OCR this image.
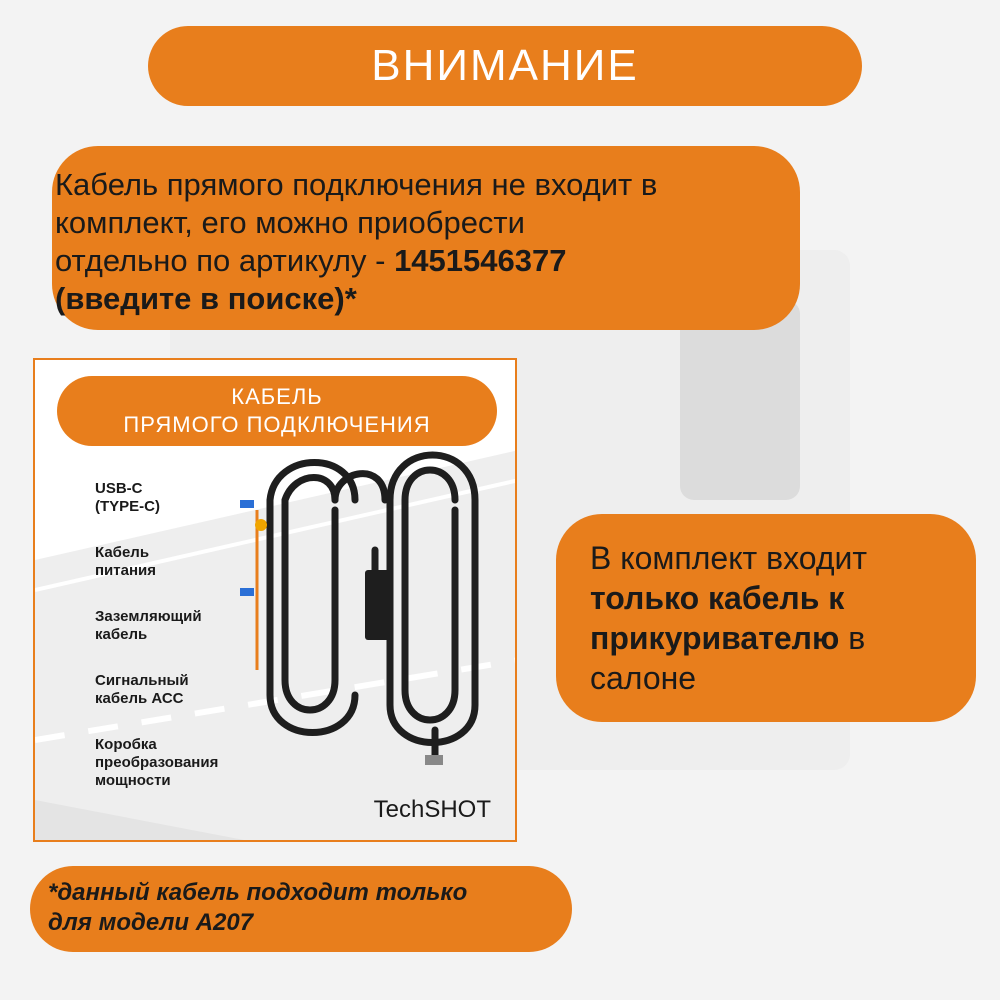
ВНИМАНИЕ
Кабель прямого подключения не входит в
комплект, его можно приобрести
отдельно по артикулу - 1451546377
(введите в поиске)*
КАБЕЛЬ
ПРЯМОГО ПОДКЛЮЧЕНИЯ
USB-C
(TYPE-C)
Кабель
питания
Заземляющий
кабель
Сигнальный
кабель АСС
Коробка
преобразования
мощности
TechSHOT
В комплект входит
только кабель к
прикуривателю в
салоне
*данный кабель подходит только
для модели А207
